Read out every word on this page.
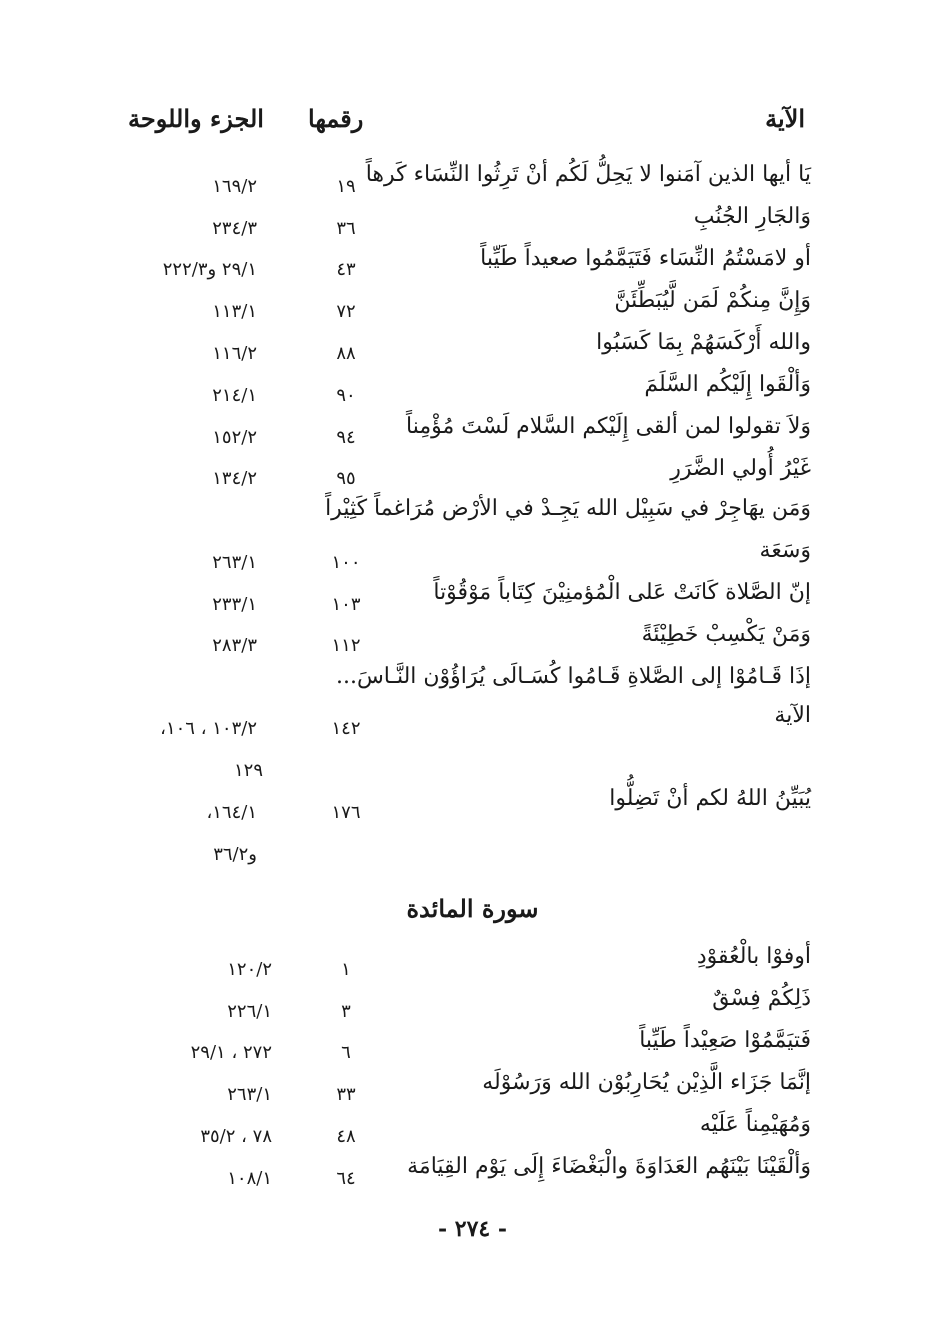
الآية
رقمها
الجزء واللوحة
يَا أيها الذين آمَنوا لا يَحِلُّ لَكُم أنْ تَرِثُوا النِّسَاء كَرهاً
١٩
١٦٩/٢
وَالجَارِ الجُنُبِ
٣٦
٢٣٤/٣
أو لامَسْتُمُ النِّسَاء فَتَيَمَّمُوا صعيداً طَيِّباً
٤٣
٢٩/١ و٢٢٢/٣
وَإِنَّ مِنكُمْ لَمَن لَّيُبَطِّئَنَّ
٧٢
١١٣/١
والله أَرْكَسَهُمْ بِمَا كَسَبُوا
٨٨
١١٦/٢
وَألْقَوا إِلَيْكُم السَّلَمَ
٩٠
٢١٤/١
وَلاَ تقولوا لمن ألقى إِلَيْكم السَّلام لَسْتَ مُؤْمِناً
٩٤
١٥٢/٢
غَيْرُ أُولي الضَّرَرِ
٩٥
١٣٤/٢
وَمَن يهَاجِرْ في سَبِيْل الله يَجِـدْ في الأرْض مُرَاغماً كَثِيْراً
وَسَعَة
١٠٠
٢٦٣/١
إنّ الصَّلاة كَانَتْ عَلى الْمُؤمنِيْنَ كِتَاباً مَوْقُوْتاً
١٠٣
٢٣٣/١
وَمَنْ يَكْسِبْ خَطِيْئَةً
١١٢
٢٨٣/٣
إذَا قَـامُوْا إلى الصَّلاةِ قَـامُوا كُسَـالَى يُرَاؤُوْن النَّـاسَ...
الآية
١٤٢
١٠٣/٢ ، ١٠٦،
١٢٩
يُبَيِّنُ اللهُ لكم أنْ تَضِلُّوا
١٧٦
١٦٤/١،
و٣٦/٢
سورة المائدة
أوفوْا بالْعُقوْدِ
١
١٢٠/٢
ذَلِكُمْ فِسْقٌ
٣
٢٢٦/١
فَتيَمَّمُوْا صَعِيْداً طَيِّباً
٦
٢٧٢ ، ٢٩/١
إنَّمَا جَزَاء الَّذِيْن يُحَارِبُوْن الله وَرَسُوْلَه
٣٣
٢٦٣/١
وَمُهَيْمِناً عَلَيْه
٤٨
٧٨ ، ٣٥/٢
وَألْقَيْنَا بَيْنَهُم العَدَاوَةَ والْبَغْضَاءَ إِلَى يَوْم القِيَامَة
٦٤
١٠٨/١
- ٢٧٤ -
